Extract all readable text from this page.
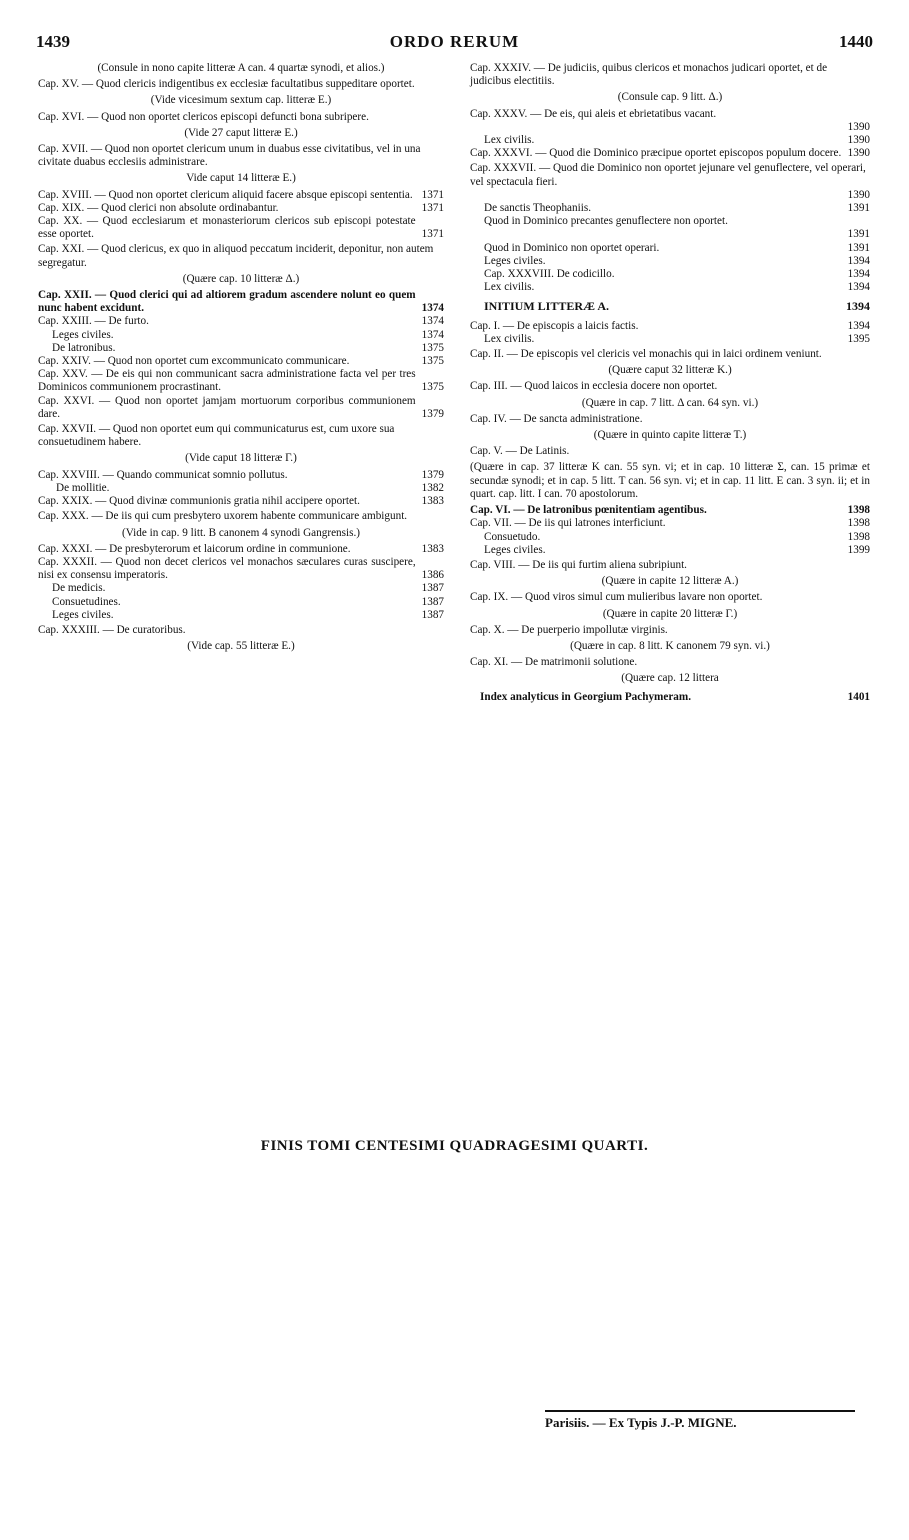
1439	ORDO RERUM	1440
(Consule in nono capite litteræ A can. 4 quartæ synodi, et alios.)
Cap. XV. — Quod clericis indigentibus ex ecclesiæ facultatibus suppeditare oportet.
(Vide vicesimum sextum cap. litteræ E.)
Cap. XVI. — Quod non oportet clericos episcopi defuncti bona subripere.
(Vide 27 caput litteræ E.)
Cap. XVII. — Quod non oportet clericum unum in duabus esse civitatibus, vel in una civitate duabus ecclesiis administrare.
Vide caput 14 litteræ E.)
Cap. XVIII. — Quod non oportet clericum aliquid facere absque episcopi sententia. 1371
Cap. XIX. — Quod clerici non absolute ordinabantur.	1371
Cap. XX. — Quod ecclesiarum et monasteriorum clericos sub episcopi potestate esse oportet.	1371
Cap. XXI. — Quod clericus, ex quo in aliquod peccatum inciderit, deponitur, non autem segregatur.
(Quære cap. 10 litteræ Δ.)
Cap. XXII. — Quod clerici qui ad altiorem gradum ascendere nolunt eo quem nunc habent excidunt.	1374
Cap. XXIII. — De furto.	1374
Leges civiles.	1374
De latronibus.	1375
Cap. XXIV. — Quod non oportet cum excommunicato communicare.	1375
Cap. XXV. — De eis qui non communicant sacra administratione facta vel per tres Dominicos communionem procrastinant.	1375
Cap. XXVI. — Quod non oportet jamjam mortuorum corporibus communionem dare.	1379
Cap. XXVII. — Quod non oportet eum qui communicaturus est, cum uxore sua consuetudinem habere.
(Vide caput 18 litteræ Γ.)
Cap. XXVIII. — Quando communicat somnio pollutus.	1379
De mollitie.	1382
Cap. XXIX. — Quod divinæ communionis gratia nihil accipere oportet.	1383
Cap. XXX. — De iis qui cum presbytero uxorem habente communicare ambigunt.
(Vide in cap. 9 litt. B canonem 4 synodi Gangrensis.)
Cap. XXXI. — De presbyterorum et laicorum ordine in communione.	1383
Cap. XXXII. — Quod non decet clericos vel monachos sæculares curas suscipere, nisi ex consensu imperatoris.	1386
De medicis.	1387
Consuetudines.	1387
Leges civiles.	1387
Cap. XXXIII. — De curatoribus.
(Vide cap. 55 litteræ E.)
Cap. XXXIV. — De judiciis, quibus clericos et monachos judicari oportet, et de judicibus electitiis.
(Consule cap. 9 litt. Δ.)
Cap. XXXV. — De eis, qui aleis et ebrietatibus vacant.
1390
Lex civilis.	1390
Cap. XXXVI. — Quod die Dominico præcipue oportet episcopos populum docere. 1390
Cap. XXXVII. — Quod die Dominico non oportet jejunare vel genuflectere, vel operari, vel spectacula fieri.
1390
De sanctis Theophaniis.	1391
Quod in Dominico precantes genuflectere non oportet.
1391
Quod in Dominico non oportet operari.	1391
Leges civiles.	1394
Cap. XXXVIII. De codicillo.	1394
Lex civilis.	1394
INITIUM LITTERÆ A.	1394
Cap. I. — De episcopis a laicis factis.	1394
Lex civilis.	1395
Cap. II. — De episcopis vel clericis vel monachis qui in laici ordinem veniunt.
(Quære caput 32 litteræ K.)
Cap. III. — Quod laicos in ecclesia docere non oportet.
(Quære in cap. 7 litt. Δ can. 64 syn. vi.)
Cap. IV. — De sancta administratione.
(Quære in quinto capite litteræ T.)
Cap. V. — De Latinis.
(Quære in cap. 37 litteræ K can. 55 syn. vi; et in cap. 10 litteræ Σ, can. 15 primæ et secundæ synodi; et in cap. 5 litt. T can. 56 syn. vi; et in cap. 11 litt. E can. 3 syn. ii; et in quart. cap. litt. I can. 70 apostolorum.
Cap. VI. — De latronibus pœnitentiam agentibus.	1398
Cap. VII. — De iis qui latrones interficiunt.	1398
Consuetudo.	1398
Leges civiles.	1399
Cap. VIII. — De iis qui furtim aliena subripiunt.
(Quære in capite 12 litteræ A.)
Cap. IX. — Quod viros simul cum mulieribus lavare non oportet.
(Quære in capite 20 litteræ Γ.)
Cap. X. — De puerperio impollutæ virginis.
(Quære in cap. 8 litt. K canonem 79 syn. vi.)
Cap. XI. — De matrimonii solutione.
(Quære cap. 12 littera
Index analyticus in Georgium Pachymeram.	1401
FINIS TOMI CENTESIMI QUADRAGESIMI QUARTI.
Parisiis. — Ex Typis J.-P. MIGNE.
